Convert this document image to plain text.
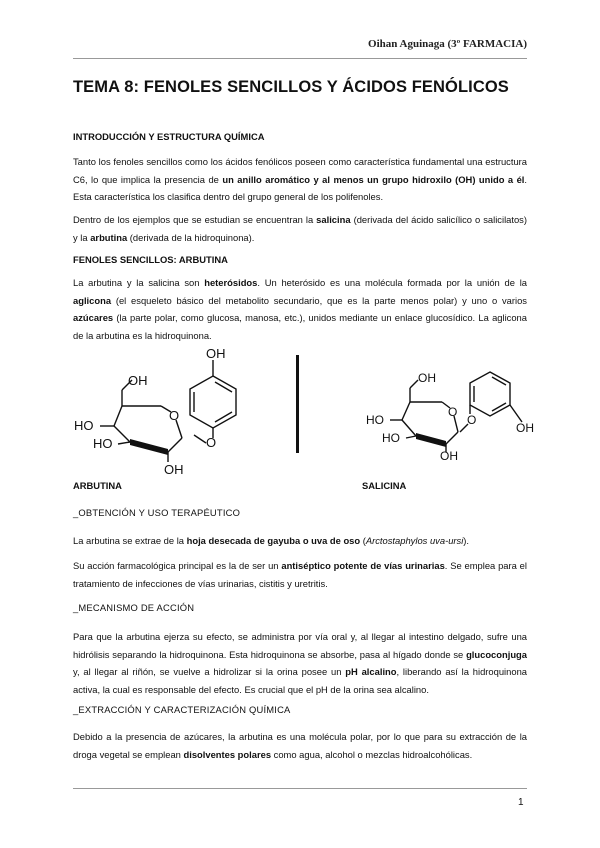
Oihan Aguinaga (3º FARMACIA)
TEMA 8: FENOLES SENCILLOS Y ÁCIDOS FENÓLICOS
INTRODUCCIÓN Y ESTRUCTURA QUÍMICA

Tanto los fenoles sencillos como los ácidos fenólicos poseen como característica fundamental una estructura C6, lo que implica la presencia de un anillo aromático y al menos un grupo hidroxilo (OH) unido a él. Esta característica los clasifica dentro del grupo general de los polifenoles.

Dentro de los ejemplos que se estudian se encuentran la salicina (derivada del ácido salicílico o salicilatos) y la arbutina (derivada de la hidroquinona).

FENOLES SENCILLOS: ARBUTINA

La arbutina y la salicina son heterósidos. Un heterósido es una molécula formada por la unión de la aglicona (el esqueleto básico del metabolito secundario, que es la parte menos polar) y uno o varios azúcares (la parte polar, como glucosa, manosa, etc.), unidos mediante un enlace glucosídico. La aglicona de la arbutina es la hidroquinona.

OH
O
O
OH
HO
HO
OH
OH
O
O
HO
HO
OH
OH
ARBUTINA	SALICINA
_OBTENCIÓN Y USO TERAPÉUTICO

La arbutina se extrae de la hoja desecada de gayuba o uva de oso (Arctostaphylos uva-ursi).

Su acción farmacológica principal es la de ser un antiséptico potente de vías urinarias. Se emplea para el tratamiento de infecciones de vías urinarias, cistitis y uretritis.

_MECANISMO DE ACCIÓN

Para que la arbutina ejerza su efecto, se administra por vía oral y, al llegar al intestino delgado, sufre una hidrólisis separando la hidroquinona. Esta hidroquinona se absorbe, pasa al hígado donde se glucoconjuga y, al llegar al riñón, se vuelve a hidrolizar si la orina posee un pH alcalino, liberando así la hidroquinona activa, la cual es responsable del efecto. Es crucial que el pH de la orina sea alcalino.

_EXTRACCIÓN Y CARACTERIZACIÓN QUÍMICA

Debido a la presencia de azúcares, la arbutina es una molécula polar, por lo que para su extracción de la droga vegetal se emplean disolventes polares como agua, alcohol o mezclas hidroalcohólicas.

1
